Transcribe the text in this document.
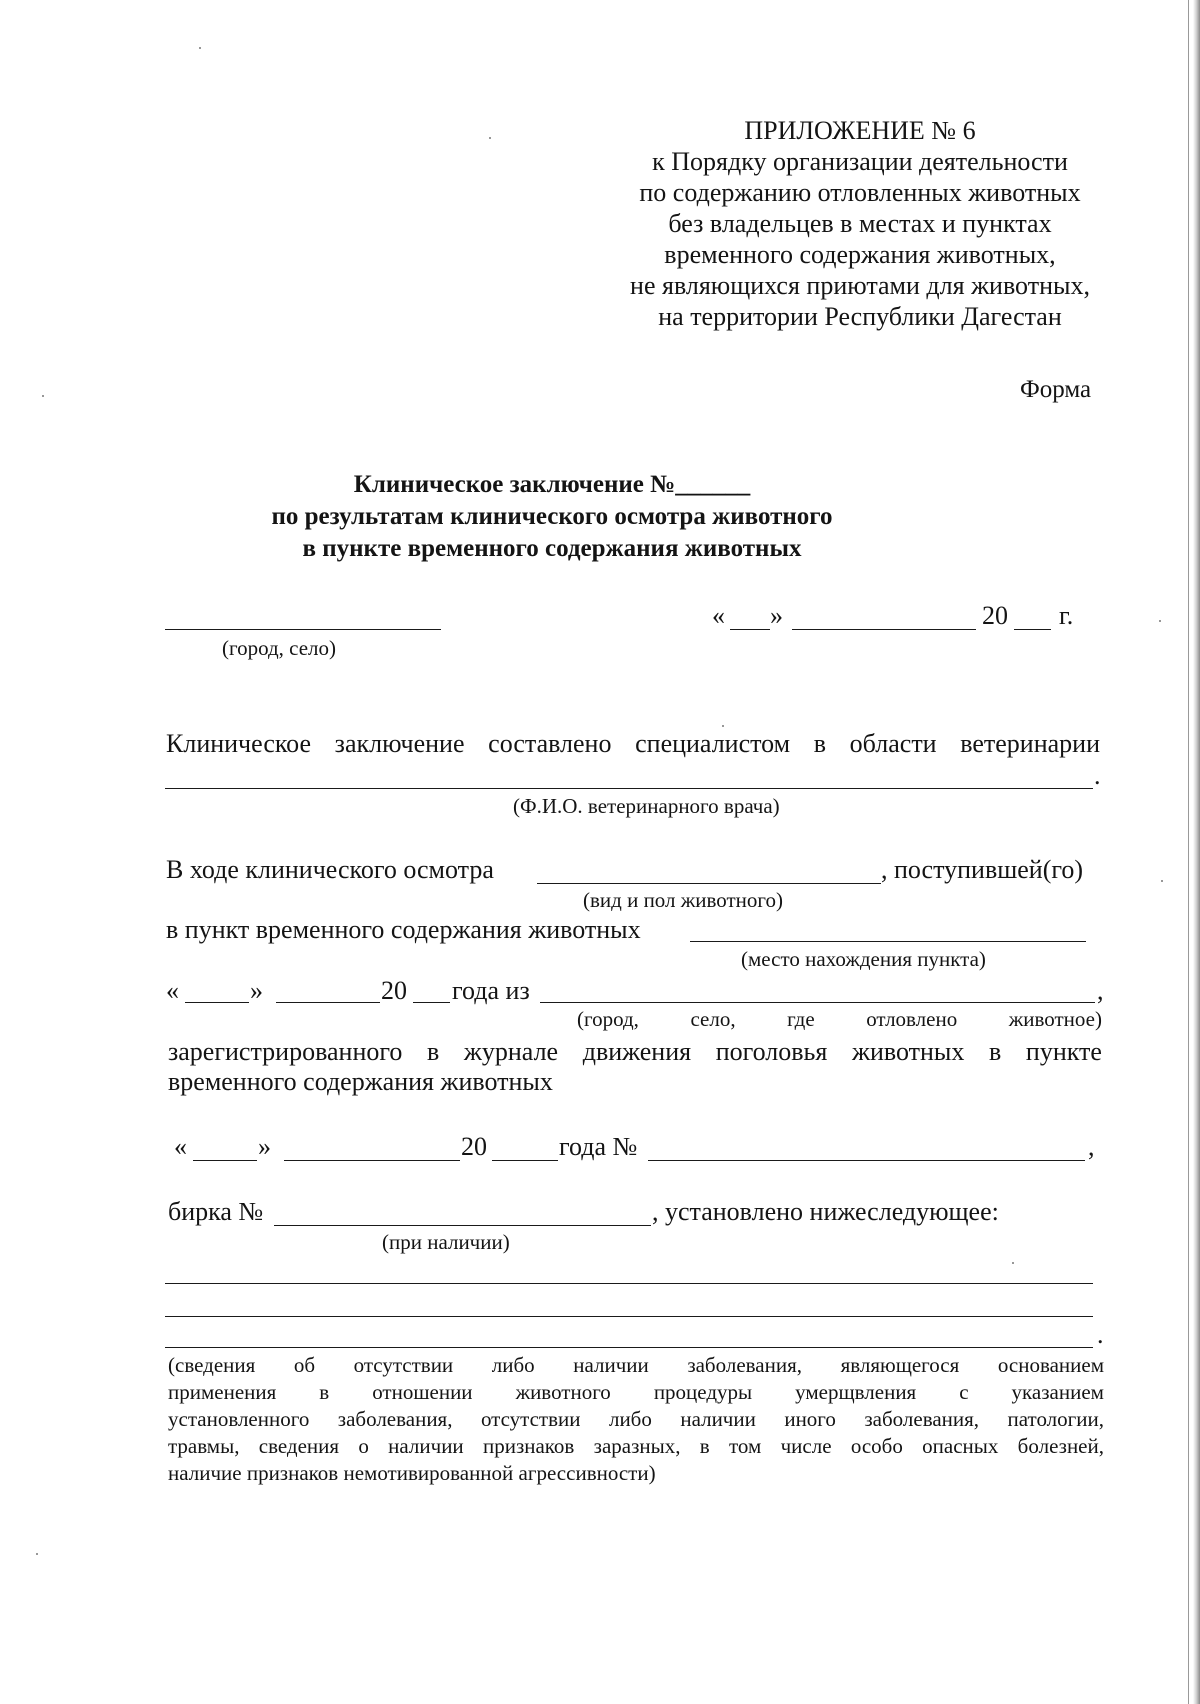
ПРИЛОЖЕНИЕ № 6
к Порядку организации деятельности
по содержанию отловленных животных
без владельцев в местах и пунктах
временного содержания животных,
не являющихся приютами для животных,
на территории Республики Дагестан
Форма
Клиническое заключение №______
по результатам клинического осмотра животного
в пункте временного содержания животных
(город, село)
« »	20 г.
Клиническое заключение составлено специалистом в области ветеринарии
.
(Ф.И.О. ветеринарного врача)
В ходе клинического осмотра	, поступившей(го)
(вид и пол животного)
в пункт временного содержания животных
(место нахождения пункта)
«	»	20 года из	,
(город, село, где отловлено животное)
зарегистрированного в журнале движения поголовья животных в пункте
временного содержания животных
«	»	20	года №	,
бирка №	, установлено нижеследующее:
(при наличии)
.
(сведения об отсутствии либо наличии заболевания, являющегося основанием
применения в отношении животного процедуры умерщвления с указанием
установленного заболевания, отсутствии либо наличии иного заболевания, патологии,
травмы, сведения о наличии признаков заразных, в том числе особо опасных болезней,
наличие признаков немотивированной агрессивности)
